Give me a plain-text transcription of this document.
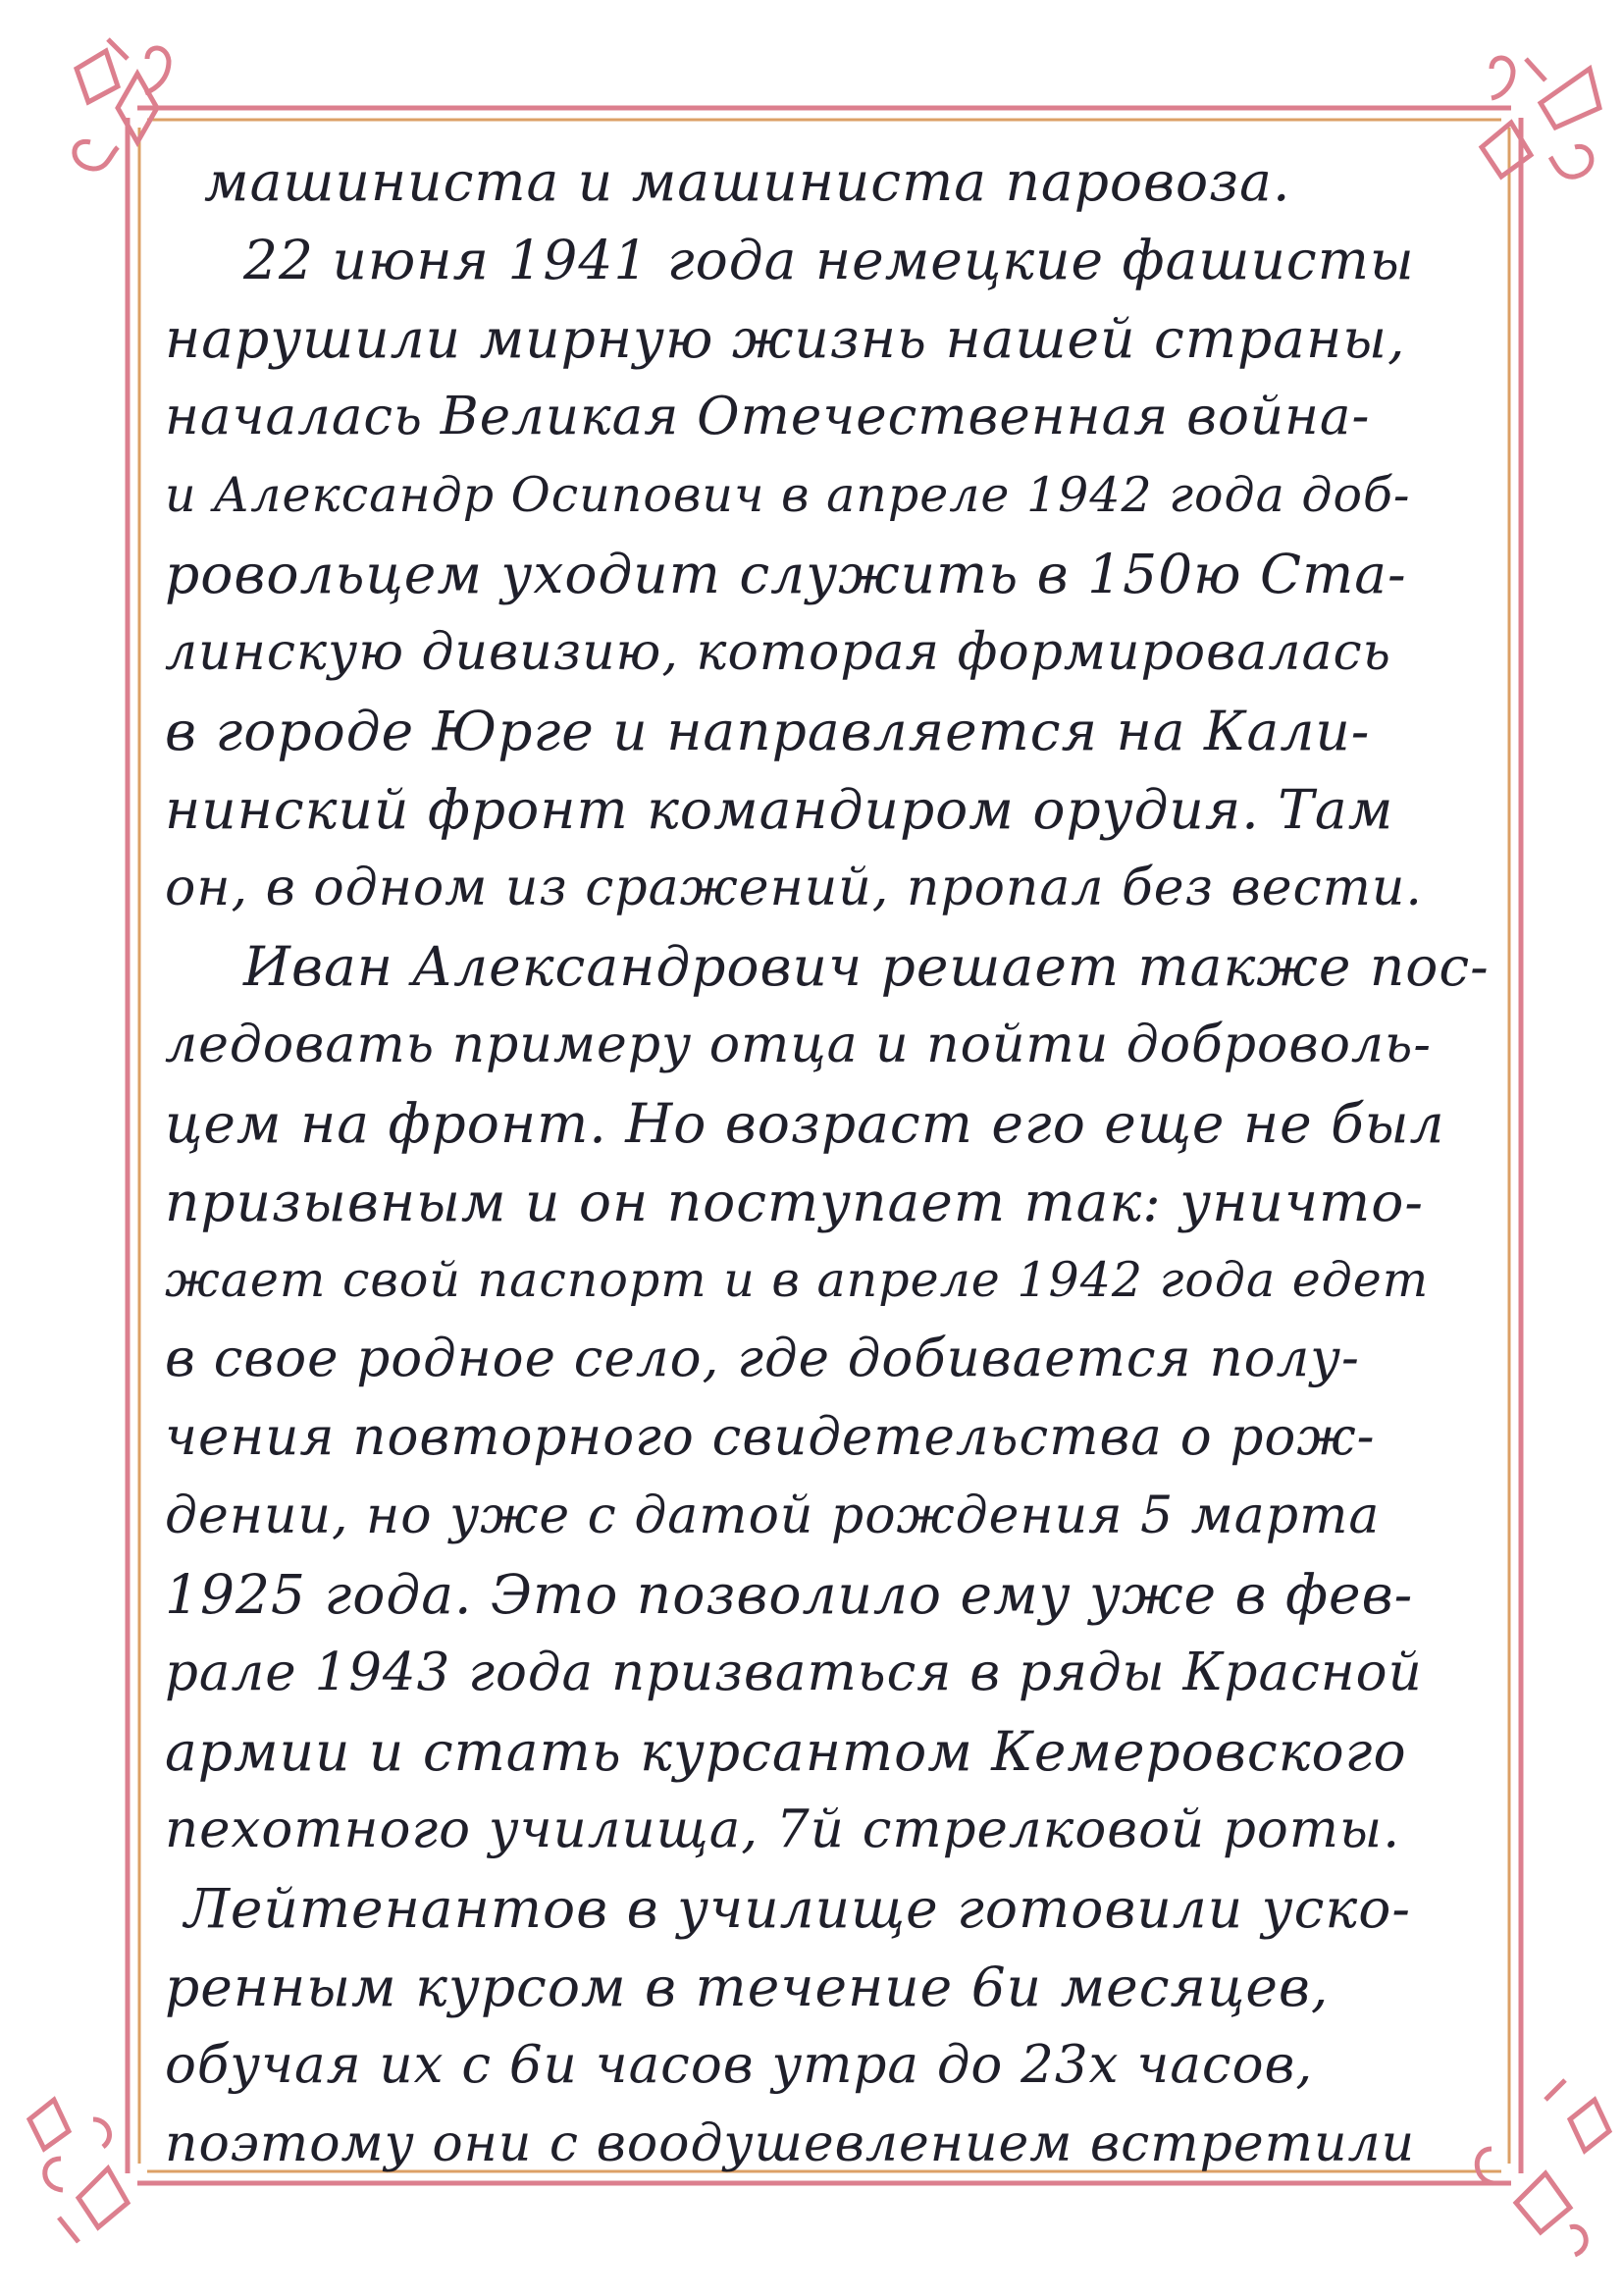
машиниста и машиниста паровоза.
22 июня 1941 года немецкие фашисты
нарушили мирную жизнь нашей страны,
началась Великая Отечественная война-
и Александр Осипович в апреле 1942 года доб-
ровольцем уходит служить в 150ю Ста-
линскую дивизию, которая формировалась
в городе Юрге и направляется на Кали-
нинский фронт командиром орудия. Там
он, в одном из сражений, пропал без вести.
Иван Александрович решает также пос-
ледовать примеру отца и пойти доброволь-
цем на фронт. Но возраст его еще не был
призывным и он поступает так: уничто-
жает свой паспорт и в апреле 1942 года едет
в свое родное село, где добивается полу-
чения повторного свидетельства о рож-
дении, но уже с датой рождения 5 марта
1925 года. Это позволило ему уже в фев-
рале 1943 года призваться в ряды Красной
армии и стать курсантом Кемеровского
пехотного училища, 7й стрелковой роты.
Лейтенантов в училище готовили уско-
ренным курсом в течение 6и месяцев,
обучая их с 6и часов утра до 23х часов,
поэтому они с воодушевлением встретили
